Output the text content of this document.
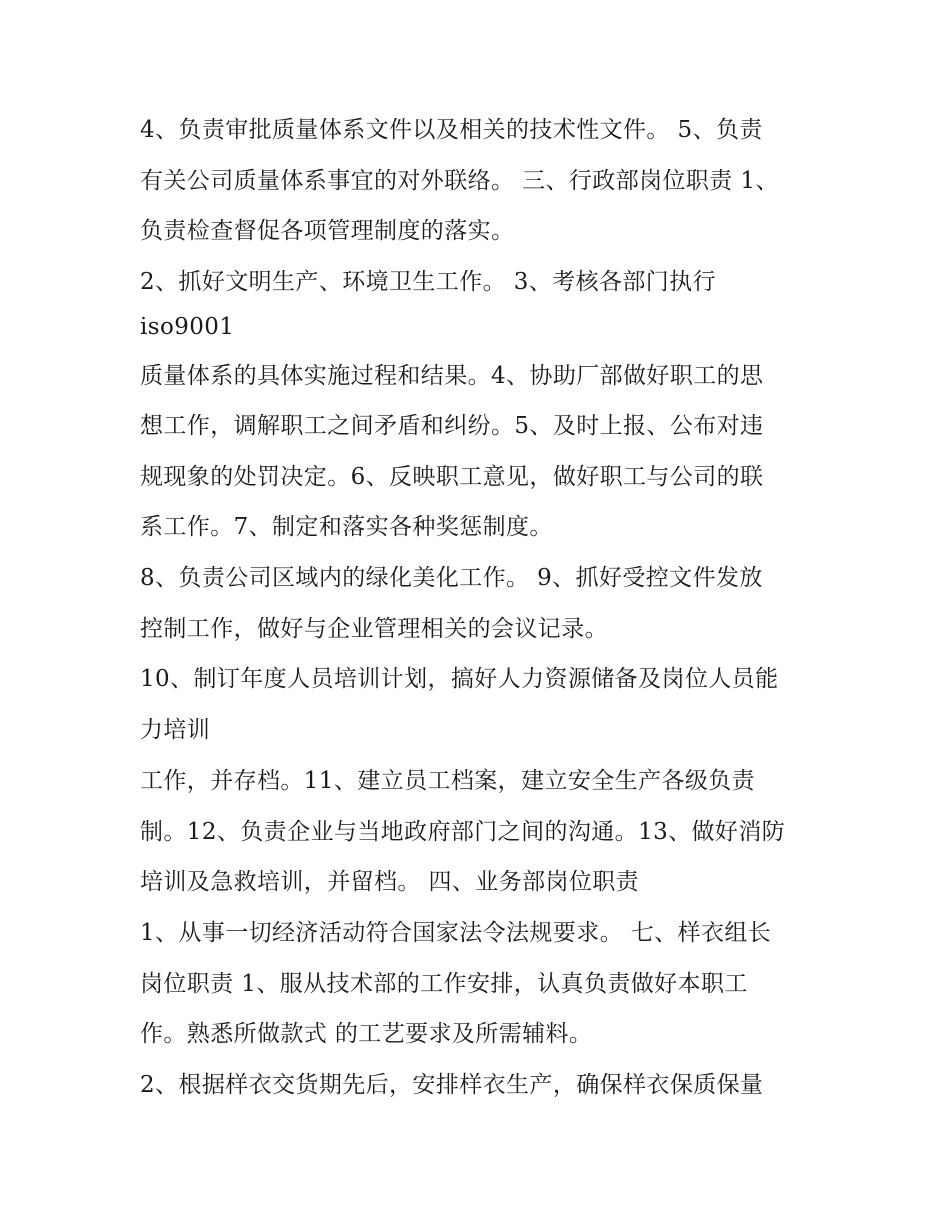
4、负责审批质量体系文件以及相关的技术性文件。 5、负责
有关公司质量体系事宜的对外联络。 三、行政部岗位职责 1、
负责检查督促各项管理制度的落实。
2、抓好文明生产、环境卫生工作。 3、考核各部门执行
iso9001
质量体系的具体实施过程和结果。4、协助厂部做好职工的思
想工作，调解职工之间矛盾和纠纷。5、及时上报、公布对违
规现象的处罚决定。6、反映职工意见，做好职工与公司的联
系工作。7、制定和落实各种奖惩制度。
8、负责公司区域内的绿化美化工作。 9、抓好受控文件发放
控制工作，做好与企业管理相关的会议记录。
10、制订年度人员培训计划，搞好人力资源储备及岗位人员能
力培训
工作，并存档。11、建立员工档案，建立安全生产各级负责
制。12、负责企业与当地政府部门之间的沟通。13、做好消防
培训及急救培训，并留档。 四、业务部岗位职责
1、从事一切经济活动符合国家法令法规要求。 七、样衣组长
岗位职责 1、服从技术部的工作安排，认真负责做好本职工
作。熟悉所做款式 的工艺要求及所需辅料。
2、根据样衣交货期先后，安排样衣生产，确保样衣保质保量
